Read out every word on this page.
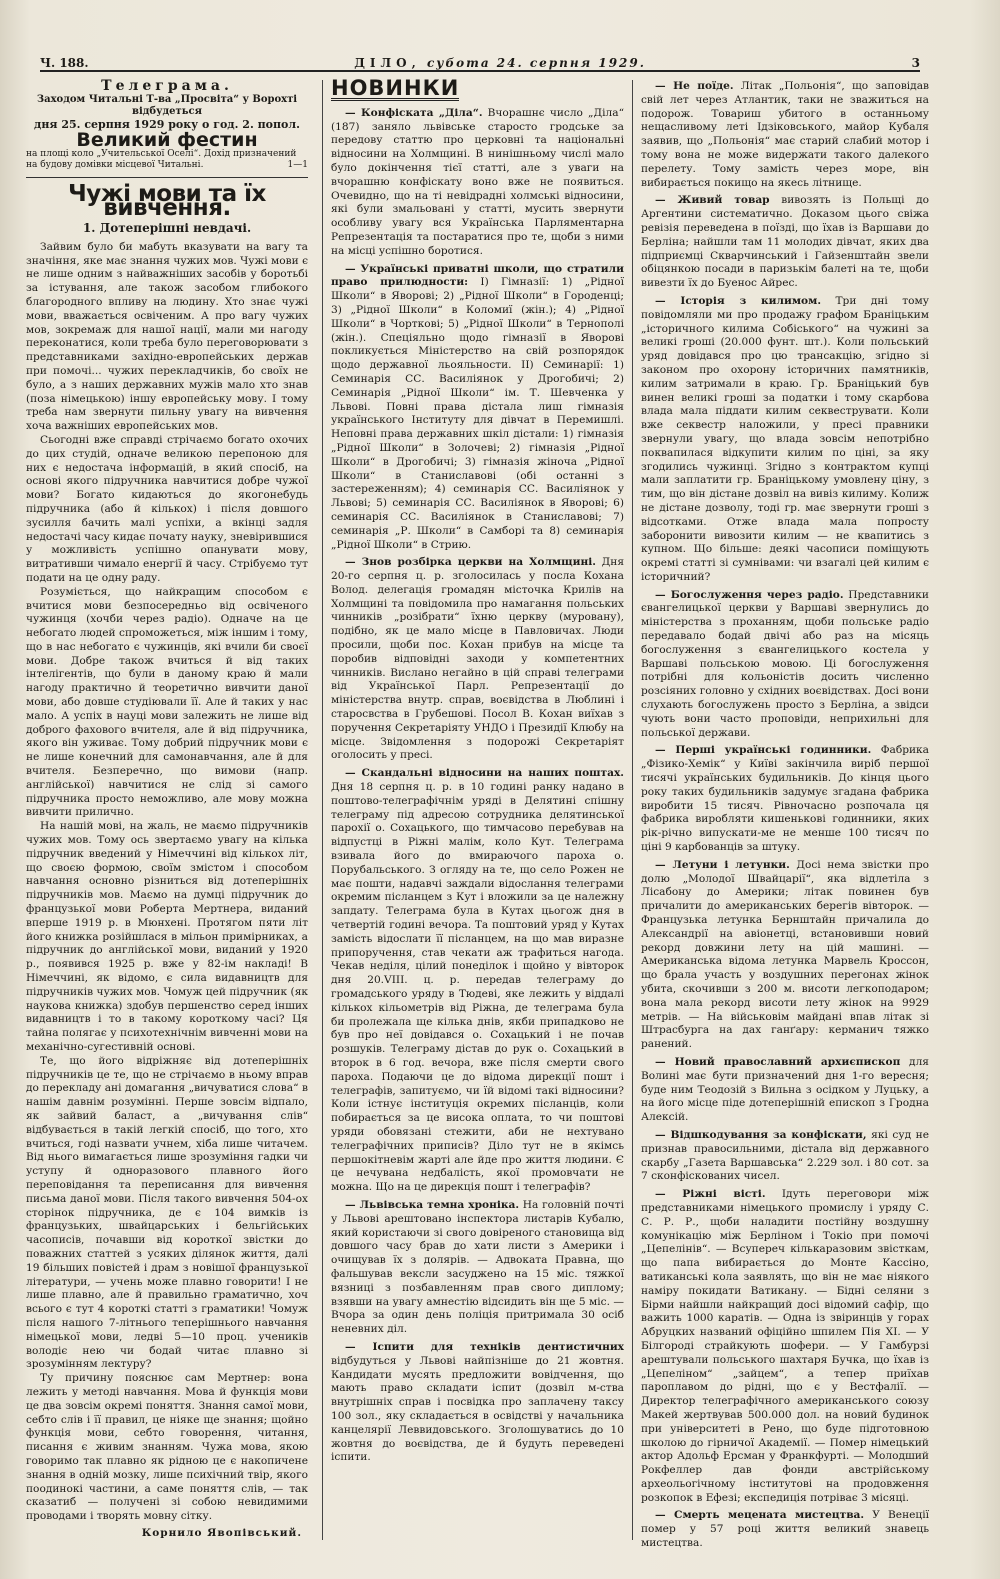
Ч. 188.	ДІЛО, субота 24. серпня 1929.	3
Телеграма.
Заходом Читальні Т-ва „Просвіта“ у Ворохті
відбудеться
дня 25. серпня 1929 року о год. 2. попол.
Великий фестин
на площі коло „Учительської Оселі“. Дохід призначений на будову домівки місцевої Читальні.	1—1
Чужі мови та їх вивчення.
1. Дотеперішні невдачі.

Зайвим було би мабуть вказувати на вагу та значіння, яке має знання чужих мов. Чужі мови є не лише одним з найважніших засобів у боротьбі за іcтування, але також засобом глибокого благородного впливу на людину. Хто знає чужі мови, вважається освіченим. А про вагу чужих мов, зокремаж для нашої нації, мали ми нагоду переконатися, коли треба було переговорювати з представниками західно-европейських держав при помочі... чужих перекладчиків, бо своїх не було, а з наших державних мужів мало хто знав (поза німецькою) іншу европейську мову. І тому треба нам звернути пильну увагу на вивчення хоча важніших европейських мов.

Сьогодні вже справді стрічаємо богато охочих до цих студій, одначе великою перепоною для них є недостача інформацій, в який спосіб, на основі якого підручника навчитися добре чужої мови? Богато кидаються до якогонебудь підручника (або й кількох) і після довшого зусилля бачить малі успіхи, а вкінці задля недостачі часу кидає почату науку, зневірившися у можливість успішно опанувати мову, витративши чимало енергії й часу. Стрібуємо тут подати на це одну раду.

Розуміється, що найкращим способом є вчитися мови безпосередньо від освіченого чужинця (хочби через радіо). Одначе на це небогато людей спроможеться, між іншим і тому, що в нас небогато є чужинців, які вчили би своєї мови. Добре також вчиться й від таких інтелігентів, що були в даному краю й мали нагоду практично й теоретично вивчити даної мови, або довше студіювали її. Але й таких у нас мало. А успіх в науці мови залежить не лише від доброго фахового вчителя, але й від підручника, якого він уживає. Тому добрий підручник мови є не лише конечний для самонавчання, але й для вчителя. Безперечно, що вимови (напр. англійської) навчитися не слід зі самого підручника просто неможливо, але мову можна вивчити прилично.

На нашій мові, на жаль, не маємо підручників чужих мов. Тому ось звертаємо увагу на кілька підручник введений у Німеччині від кількох літ, що своєю формою, своїм змістом і способом навчання основно різниться від дотеперішніх підручників мов. Маємо на думці підручник до французької мови Роберта Мертнера, виданий вперше 1919 р. в Мюнхені. Протягом пяти літ його книжка розійшлася в мільон примірниках, а підручник до англійської мови, виданий у 1920 р., появився 1925 р. вже у 82-ім накладі! В Німеччині, як відомо, є сила видавництв для підручників чужих мов. Чомуж цей підручник (як наукова книжка) здобув першенство серед інших видавництв і то в такому короткому часі? Ця тайна полягає у психотехнічнім вивченні мови на механічно-сугестивній основі.

Те, що його відріжняє від дотеперішніх підручників це те, що не стрічаємо в ньому вправ до перекладу ані домагання „вичуватися слова“ в нашім давнім розумінні. Перше зовсім відпало, як зайвий баласт, а „вичування слів“ відбувається в такій легкій спосіб, що того, хто вчиться, годі назвати учнем, хіба лише читачем. Від нього вимагається лише зрозуміння гадки чи уступу й одноразового плавного його переповідання та переписання для вивчення письма даної мови. Після такого вивчення 504-ох сторінок підручника, де є 104 вимків із французьких, швайцарських і бельгійських часописів, почавши від короткої звістки до поважних статтей з усяких ділянок життя, далі 19 більших повістей і драм з новішої французької літератури, — учень може плавно говорити! І не лише плавно, але й правильно граматично, хоч всього є тут 4 короткі статті з граматики! Чомуж після нашого 7-літнього теперішнього навчання німецької мови, ледві 5—10 проц. учеників володіє нею чи бодай читає плавно зі зрозумінням лектуру?

Ту причину пояснює сам Мертнер: вона лежить у методі навчання. Мова й функція мови це два зовсім окремі поняття. Знання самої мови, себто слів і її правил, це ніяке ще знання; щойно функція мови, себто говорення, читання, писання є живим знанням. Чужа мова, якою говоримо так плавно як рідною це є накопичене знання в одній мозку, лише психічний твір, якого поодинокі частини, а саме поняття слів, — так сказатиб — получені зі собою невидимими проводами і творять мовну сітку.

Корнило Явопівський.
НОВИНКИ

— Конфіската „Діла“. Вчорашнє число „Діла“ (187) заняло львівське старосто гродське за передову статтю про церковні та національні відносини на Холмщині. В нинішньому числі мало було докінчення тієї статті, але з уваги на вчорашню конфіскату воно вже не появиться. Очевидно, що на ті невідрадні холмські відносини, які були змальовані у статті, мусить звернути особливу увагу вся Українська Парляментарна Репрезентація та постаратися про те, щоби з ними на місці успішно боротися.

— Українські приватні школи, що стратили право прилюдности: І) Гімназії: 1) „Рідної Школи“ в Яворові; 2) „Рідної Школи“ в Городенці; 3) „Рідної Школи“ в Коломиї (жін.); 4) „Рідної Школи“ в Чорткові; 5) „Рідної Школи“ в Тернополі (жін.). Спеціяльно щодо гімназії в Яворові покликується Міністерство на свій розпорядок щодо державної льояльности. ІІ) Семинарії: 1) Семинарія СС. Василіянок у Дрогобичі; 2) Семинарія „Рідної Школи“ ім. Т. Шевченка у Львові. Повні права дістала лиш гімназія українського Інституту для дівчат в Перемишлі. Неповні права державних шкіл дістали: 1) гімназія „Рідної Школи“ в Золочеві; 2) гімназія „Рідної Школи“ в Дрогобичі; 3) гімназія жіноча „Рідної Школи“ в Станиславові (обі останні з застереженням); 4) семинарія СС. Василіянок у Львові; 5) семинарія СС. Василіянок в Яворові; 6) семинарія СС. Василіянок в Станиславові; 7) семинарія „Р. Школи“ в Самборі та 8) семинарія „Рідної Школи“ в Стрию.

— Знов розбірка церкви на Холмщині. Дня 20-го серпня ц. р. зголосилась у посла Кохана Волод. делегація громадян місточка Крилів на Холмщині та повідомила про намагання польських чинників „розібрати“ їхню церкву (муровану), подібно, як це мало місце в Павловичах. Люди просили, щоби пос. Кохан прибув на місце та поробив відповідні заходи у компетентних чинників. Вислано негайно в цій справі телеграми від Української Парл. Репрезентації до міністерства внутр. справ, воєвідства в Люблині і старосвства в Грубешові. Посол В. Кохан виїхав з поручення Секретаріяту УНДО і Президії Клюбу на місце. Звідомлення з подорожі Секретаріят оголосить у пресі.

— Скандальні відносини на наших поштах. Дня 18 серпня ц. р. в 10 годині ранку надано в поштово-телеграфічнім уряді в Делятині спішну телеграму під адресою сотрудника делятинської парохії о. Сохацького, що тимчасово перебував на відпустці в Ріжні малім, коло Кут. Телеграма взивала його до вмираючого пароха о. Порубальського. З огляду на те, що село Рожен не має пошти, надавчі заждали відослання телеграми окремим післанцем з Кут і вложили за це належну запдату. Телеграма була в Кутах цьогож дня в четвертій годині вечора. Та поштовий уряд у Кутах замість відослати її післанцем, на що мав виразне припоручення, став чекати аж трафиться нагода. Чекав неділя, цілий понеділок і щойно у вівторок дня 20.VIII. ц. р. передав телеграму до громадського уряду в Тюдеві, яке лежить у віддалі кількох кільометрів від Ріжна, де телеграма була би пролежала ще кілька днів, якби припадково не був про неї довідався о. Сохацький і не почав розшукiв. Телеграму дістав до рук о. Сохацький в второк в 6 год. вечора, вже після смерти свого пароха. Подаючи це до відома дирекції пошт і телеграфів, запитуємо, чи їй відомі такі відносини? Коли істнує інституція окремих післанців, коли побирається за це висока оплата, то чи поштові уряди обовязані стежити, аби не нехтувано телеграфічних приписів? Діло тут не в якімсь першокітневім жарті але йде про життя людини. Є це нечувана недбалість, якої промовчати не можна. Що на це дирекція пошт і телеграфів?

— Львівська темна хроніка. На головній почті у Львові арештовано інспектора листарів Кубалю, який користаючи зі свого довіреного становища від довшого часу брав до хати листи з Америки і очищував їх з долярів. — Адвоката Правна, що фальшував вексли засуджено на 15 міс. тяжкої вязниці з позбавленням прав свого диплому; взявши на увагу амнестію відсидить він ще 5 міс. — Вчора за один день поліція притримала 30 осіб неневних діл.

— Іспити для техніків дентистичних відбудуться у Львові найпізніше до 21 жовтня. Кандидати мусять предложити вовідчення, що мають право складати іспит (дозвіл м-ства внутрішніх справ і посвідка про заплачену таксу 100 зол., яку складається в освідстві у начальника канцелярії Леввидовського. Зголошуватись до 10 жовтня до воєвідства, де й будуть переведені іспити.

— Не поїде. Літак „Польонія“, що заповідав свій лет через Атлантик, таки не зважиться на подорож. Товариш убитого в останньому нещасливому леті Ідзіковського, майор Кубаля заявив, що „Польонія“ має старий слабий мотор і тому вона не може видержати такого далекого перелету. Тому замість через море, він вибирається покищо на якесь літнище.

— Живий товар вивозять із Польщі до Аргентини систематично. Доказом цього свіжа ревізія переведена в поїзді, що їхав із Варшави до Берліна; найшли там 11 молодих дівчат, яких два підприємці Скварчинський і Гайзенштайн звели обіцянкою посади в паризькім балеті на те, щоби вивезти їх до Буенос Айрес.

— Історія з килимом. Три дні тому повідомляли ми про продажу графом Браніцьким „історичного килима Собіського“ на чужині за великі гроші (20.000 фунт. шт.). Коли польський уряд довідався про цю трансакцію, згідно зі законом про охорону історичних памятників, килим затримали в краю. Гр. Браніцький був винен великі гроші за податки і тому скарбова влада мала піддати килим секвеструвати. Коли вже секвестр наложили, у пресі правники звернули увагу, що влада зовсім непотрібно поквапилася відкупити килим по ціні, за яку згодились чужинці. Згідно з контрактом купці мали заплатити гр. Браніцькому умовлену ціну, з тим, що він дістане дозвіл на вивіз килиму. Колиж не дістане дозволу, тоді гр. має звернути гроші з відсотками. Отже влада мала попросту заборонити вивозити килим — не квапитись з купном. Що більше: деякі часописи поміщують окремі статті зі сумнівами: чи взагалі цей килим є історичний?

— Богослуження через радіо. Представники євангелицької церкви у Варшаві звернулись до міністерства з проханням, щоби польське радіо передавало бодай двічі або раз на місяць богослуження з євангелицького костела у Варшаві польською мовою. Ці богослуження потрібні для кольоністів досить численно розсіяних головно у східних воєвідствах. Досі вони слухають богослужень просто з Берліна, а звідси чують вони часто проповіди, неприхильні для польської держави.

— Перші українські годинники. Фабрика „Фізико-Хемік“ у Київі закінчила виріб першої тисячі українських будильників. До кінця цього року таких будильників задумує згадана фабрика виробити 15 тисяч. Рівночасно розпочала ця фабрика виробляти кишенькові годинники, яких рік-річно випускати-ме не менше 100 тисяч по ціні 9 карбованців за штуку.

— Летуни і летунки. Досі нема звістки про долю „Молодої Швайцарії“, яка відлетіла з Лісабону до Америки; літак повинен був причалити до американських берегів вівторок. — Французька летунка Бернштайн причалила до Александрії на авіонетці, встановивши новий рекорд довжини лету на цій машині. — Американська відома летунка Марвель Кроссон, що брала участь у воздушних перегонах жінок убита, скочивши з 200 м. висоти легкоподаром; вона мала рекорд висоти лету жінок на 9929 метрів. — На військовім майдані впав літак зі Штрасбурга на дах ганґару: керманич тяжко ранений.

— Новий православний архиєпископ для Волині має бути призначений дня 1-го вересня; буде ним Теодозій з Вильна з осідком у Луцьку, а на його місце піде дотеперішній епископ з Гродна Алексій.

— Відшкодування за конфіскати, які суд не признав правосильними, дістала від державного скарбу „Газета Варшавська“ 2.229 зол. і 80 сот. за 7 сконфіскованих чисел.

— Ріжні вісті. Ідуть переговори між представниками німецького промислу і уряду С. С. Р. Р., щоби наладити постійну воздушну комунікацію між Берліном і Токіо при помочі „Цепелінів“. — Всупереч кількаразовим звісткам, що папа вибирається до Монте Кассіно, ватиканські кола заявлять, що він не має ніякого наміру покидати Ватикану. — Бідні селяни з Бірми найшли найкращий досі відомий сафір, що важить 1000 каратів. — Одна із звіринців у горах Абруцких названий офіційно шпилем Пія XI. — У Білгороді страйкують шофери. — У Гамбурзі арештували польського шахтаря Бучка, що їхав із „Цепеліном“ „зайцем“, а тепер приїхав пароплавом до рідні, що є у Вестфалії. — Директор телеграфічного американського союзу Макей жертвував 500.000 дол. на новий будинок при університеті в Рено, що буде підготовною школою до гірничої Академії. — Помер німецький актор Адольф Ерсман у Франкфурті. — Молодший Рокфеллер дав фонди австрійському археольогічному інститутові на продовження розкопок в Ефезі; експедиція потріває 3 місяці.

— Смерть мецената мистецтва. У Венеції помер у 57 році життя великий знавець мистецтва.
